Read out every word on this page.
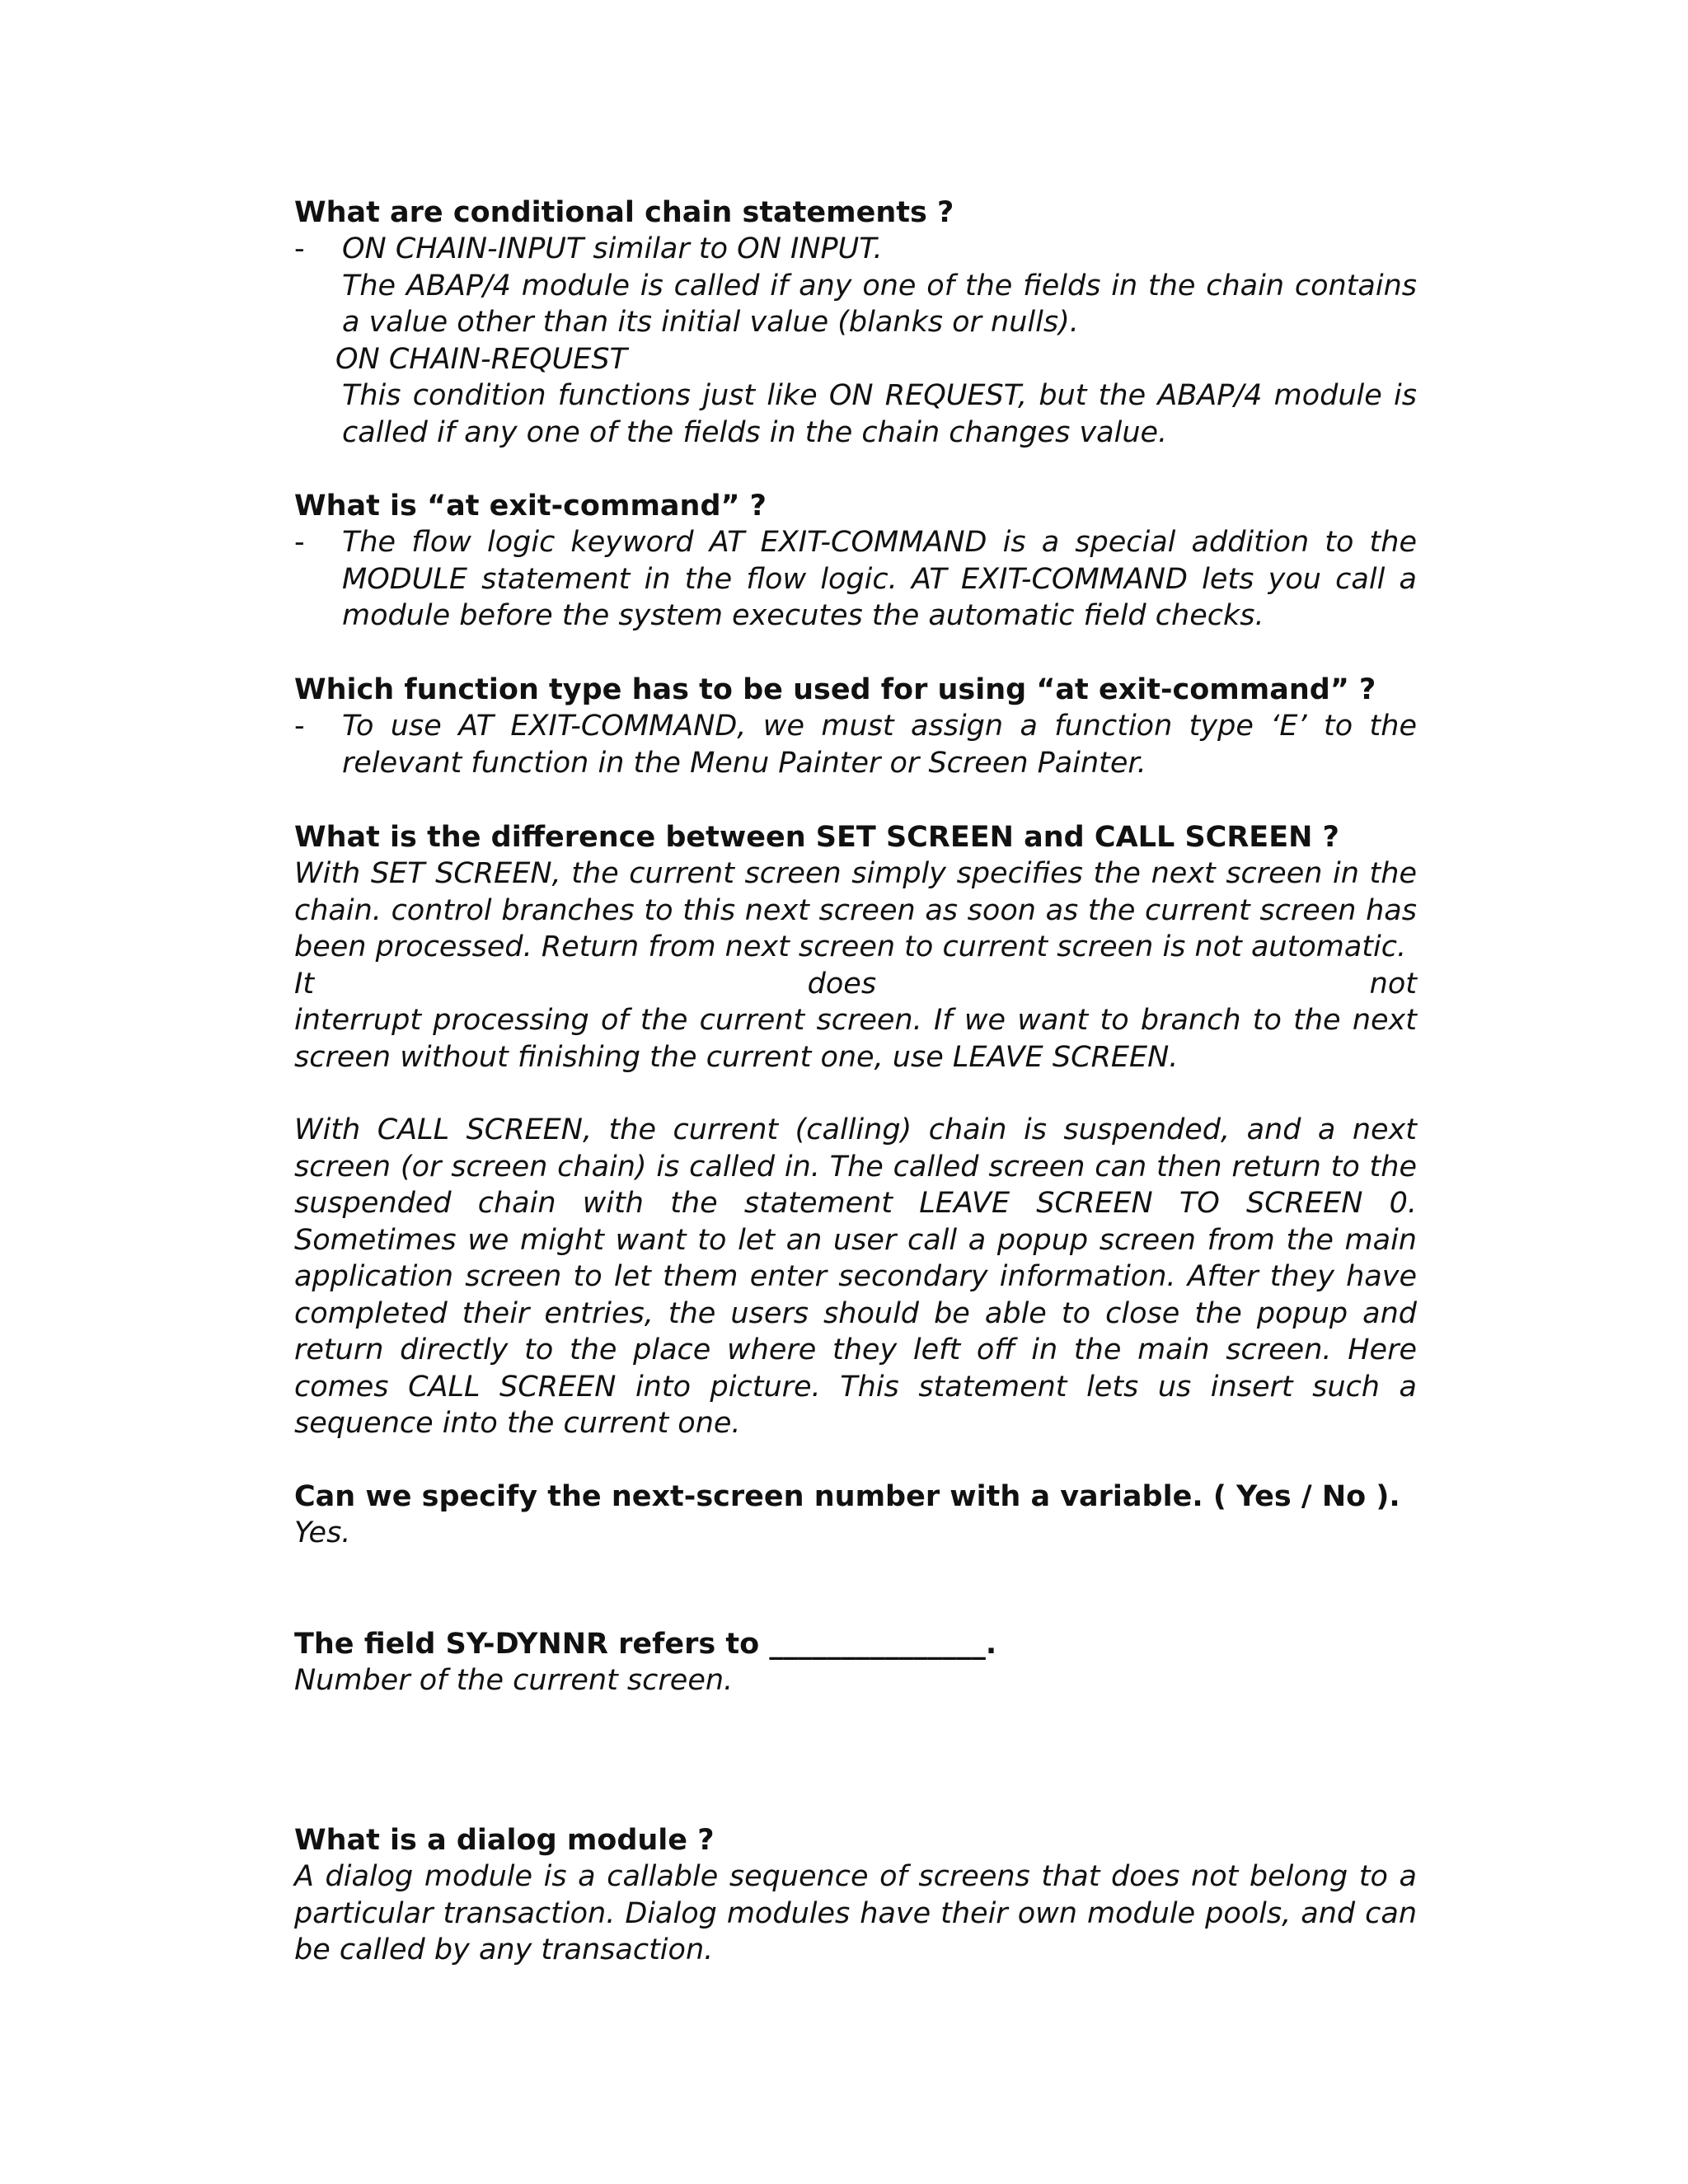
What are conditional chain statements ?

- ON CHAIN-INPUT similar to ON INPUT.

The ABAP/4 module is called if any one of the fields in the chain contains a value other than its initial value (blanks or nulls).

ON CHAIN-REQUEST

This condition functions just like ON REQUEST, but the ABAP/4 module is called if any one of the fields in the chain changes value.

What is “at exit-command” ?

- The flow logic keyword AT EXIT-COMMAND is a special addition to the MODULE statement in the flow logic. AT EXIT-COMMAND lets you call a module before the system executes the automatic field checks.

Which function type has to be used for using “at exit-command” ?

- To use AT EXIT-COMMAND, we must assign a function type ‘E’ to the relevant function in the Menu Painter or Screen Painter.

What is the difference between SET SCREEN and CALL SCREEN ?

With SET SCREEN, the current screen simply specifies the next screen in the chain. control branches to this next screen as soon as the current screen has been processed. Return from next screen to current screen is not automatic.

It does not

interrupt processing of the current screen. If we want to branch to the next screen without finishing the current one, use LEAVE SCREEN.

With CALL SCREEN, the current (calling) chain is suspended, and a next screen (or screen chain) is called in. The called screen can then return to the suspended chain with the statement LEAVE SCREEN TO SCREEN 0. Sometimes we might want to let an user call a popup screen from the main application screen to let them enter secondary information. After they have completed their entries, the users should be able to close the popup and return directly to the place where they left off in the main screen. Here comes CALL SCREEN into picture. This statement lets us insert such a sequence into the current one.

Can we specify the next-screen number with a variable. ( Yes / No ).

Yes.

The field SY-DYNNR refers to _______________.

Number of the current screen.

What is a dialog module ?

A dialog module is a callable sequence of screens that does not belong to a particular transaction. Dialog modules have their own module pools, and can be called by any transaction.
